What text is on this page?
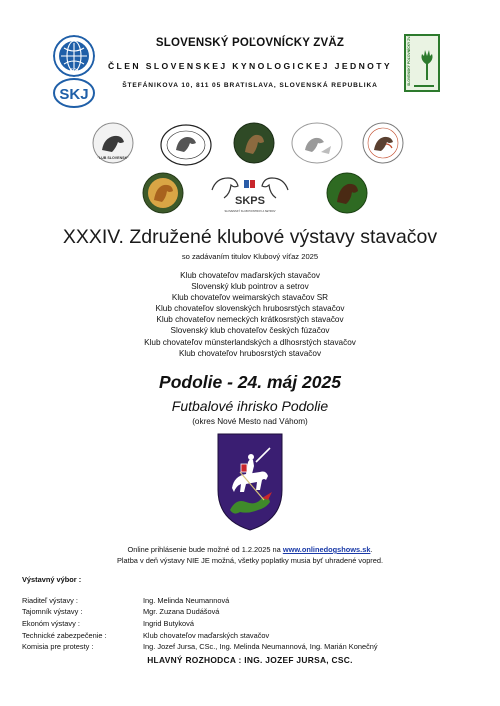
FCI
SKJ
SLOVENSKÝ POĽOVNÍCKY ZVÄZ
SLOVENSKÝ POĽOVNÍCKY ZVÄZ
ČLEN SLOVENSKEJ KYNOLOGICKEJ JEDNOTY
ŠTEFÁNIKOVA 10, 811 05 BRATISLAVA, SLOVENSKÁ REPUBLIKA
KLUB SLOVENSKÝ
SKPS
SLOVENSKÝ KLUB POINTROV A SETROV
XXXIV. Združené klubové výstavy stavačov
so zadávaním titulov Klubový víťaz 2025
Klub chovateľov maďarských stavačov
Slovenský klub pointrov a setrov
Klub chovateľov weimarských stavačov SR
Klub chovateľov slovenských hrubosrstých stavačov
Klub chovateľov nemeckých krátkosrstých stavačov
Slovenský klub chovateľov českých fúzačov
Klub chovateľov münsterlandských a dlhosrstých stavačov
Klub chovateľov hrubosrstých stavačov
Podolie - 24. máj 2025
Futbalové ihrisko Podolie
(okres Nové Mesto nad Váhom)
Online prihlásenie bude možné od 1.2.2025 na www.onlinedogshows.sk.
Platba v deň výstavy NIE JE možná, všetky poplatky musia byť uhradené vopred.
Výstavný výbor :
Riaditeľ výstavy :	Ing. Melinda Neumannová
Tajomník výstavy :	Mgr. Zuzana Dudášová
Ekonóm výstavy :	Ingrid Butyková
Technické zabezpečenie :	Klub chovateľov maďarských stavačov
Komisia pre protesty :	Ing. Jozef Jursa, CSc., Ing. Melinda Neumannová, Ing. Marián Konečný
HLAVNÝ ROZHODCA : ING. JOZEF JURSA, CSC.
